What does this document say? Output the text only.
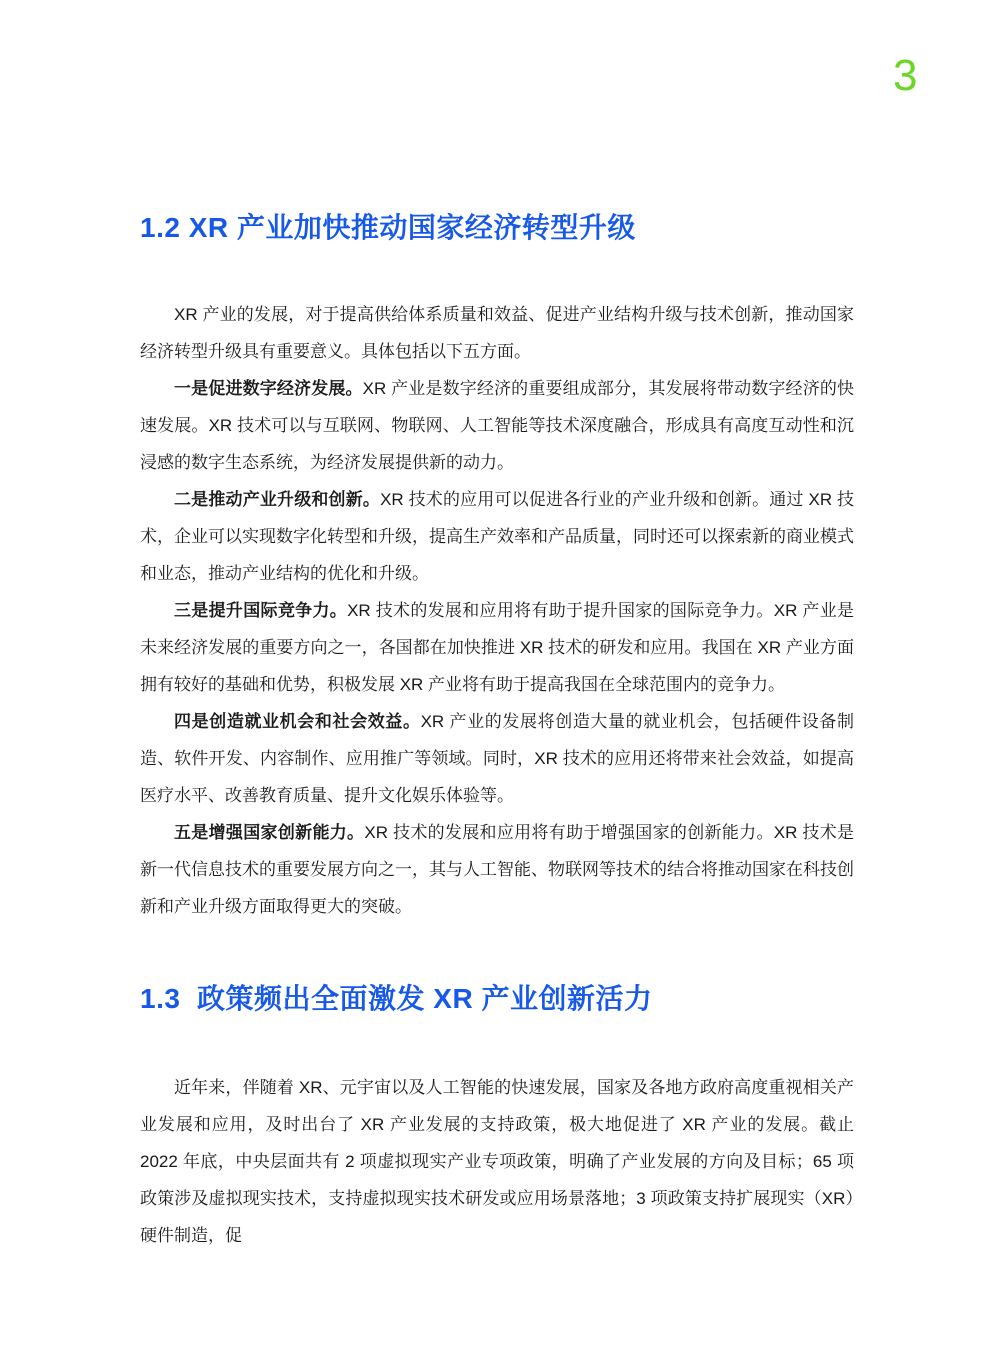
3
1.2 XR 产业加快推动国家经济转型升级

XR 产业的发展，对于提高供给体系质量和效益、促进产业结构升级与技术创新，推动国家经济转型升级具有重要意义。具体包括以下五方面。

一是促进数字经济发展。XR 产业是数字经济的重要组成部分，其发展将带动数字经济的快速发展。XR 技术可以与互联网、物联网、人工智能等技术深度融合，形成具有高度互动性和沉浸感的数字生态系统，为经济发展提供新的动力。

二是推动产业升级和创新。XR 技术的应用可以促进各行业的产业升级和创新。通过 XR 技术，企业可以实现数字化转型和升级，提高生产效率和产品质量，同时还可以探索新的商业模式和业态，推动产业结构的优化和升级。

三是提升国际竞争力。XR 技术的发展和应用将有助于提升国家的国际竞争力。XR 产业是未来经济发展的重要方向之一，各国都在加快推进 XR 技术的研发和应用。我国在 XR 产业方面拥有较好的基础和优势，积极发展 XR 产业将有助于提高我国在全球范围内的竞争力。

四是创造就业机会和社会效益。XR 产业的发展将创造大量的就业机会，包括硬件设备制造、软件开发、内容制作、应用推广等领域。同时，XR 技术的应用还将带来社会效益，如提高医疗水平、改善教育质量、提升文化娱乐体验等。

五是增强国家创新能力。XR 技术的发展和应用将有助于增强国家的创新能力。XR 技术是新一代信息技术的重要发展方向之一，其与人工智能、物联网等技术的结合将推动国家在科技创新和产业升级方面取得更大的突破。

1.3  政策频出全面激发 XR 产业创新活力

近年来，伴随着 XR、元宇宙以及人工智能的快速发展，国家及各地方政府高度重视相关产业发展和应用，及时出台了 XR 产业发展的支持政策，极大地促进了 XR 产业的发展。截止 2022 年底，中央层面共有 2 项虚拟现实产业专项政策，明确了产业发展的方向及目标；65 项政策涉及虚拟现实技术，支持虚拟现实技术研发或应用场景落地；3 项政策支持扩展现实（XR）硬件制造，促
